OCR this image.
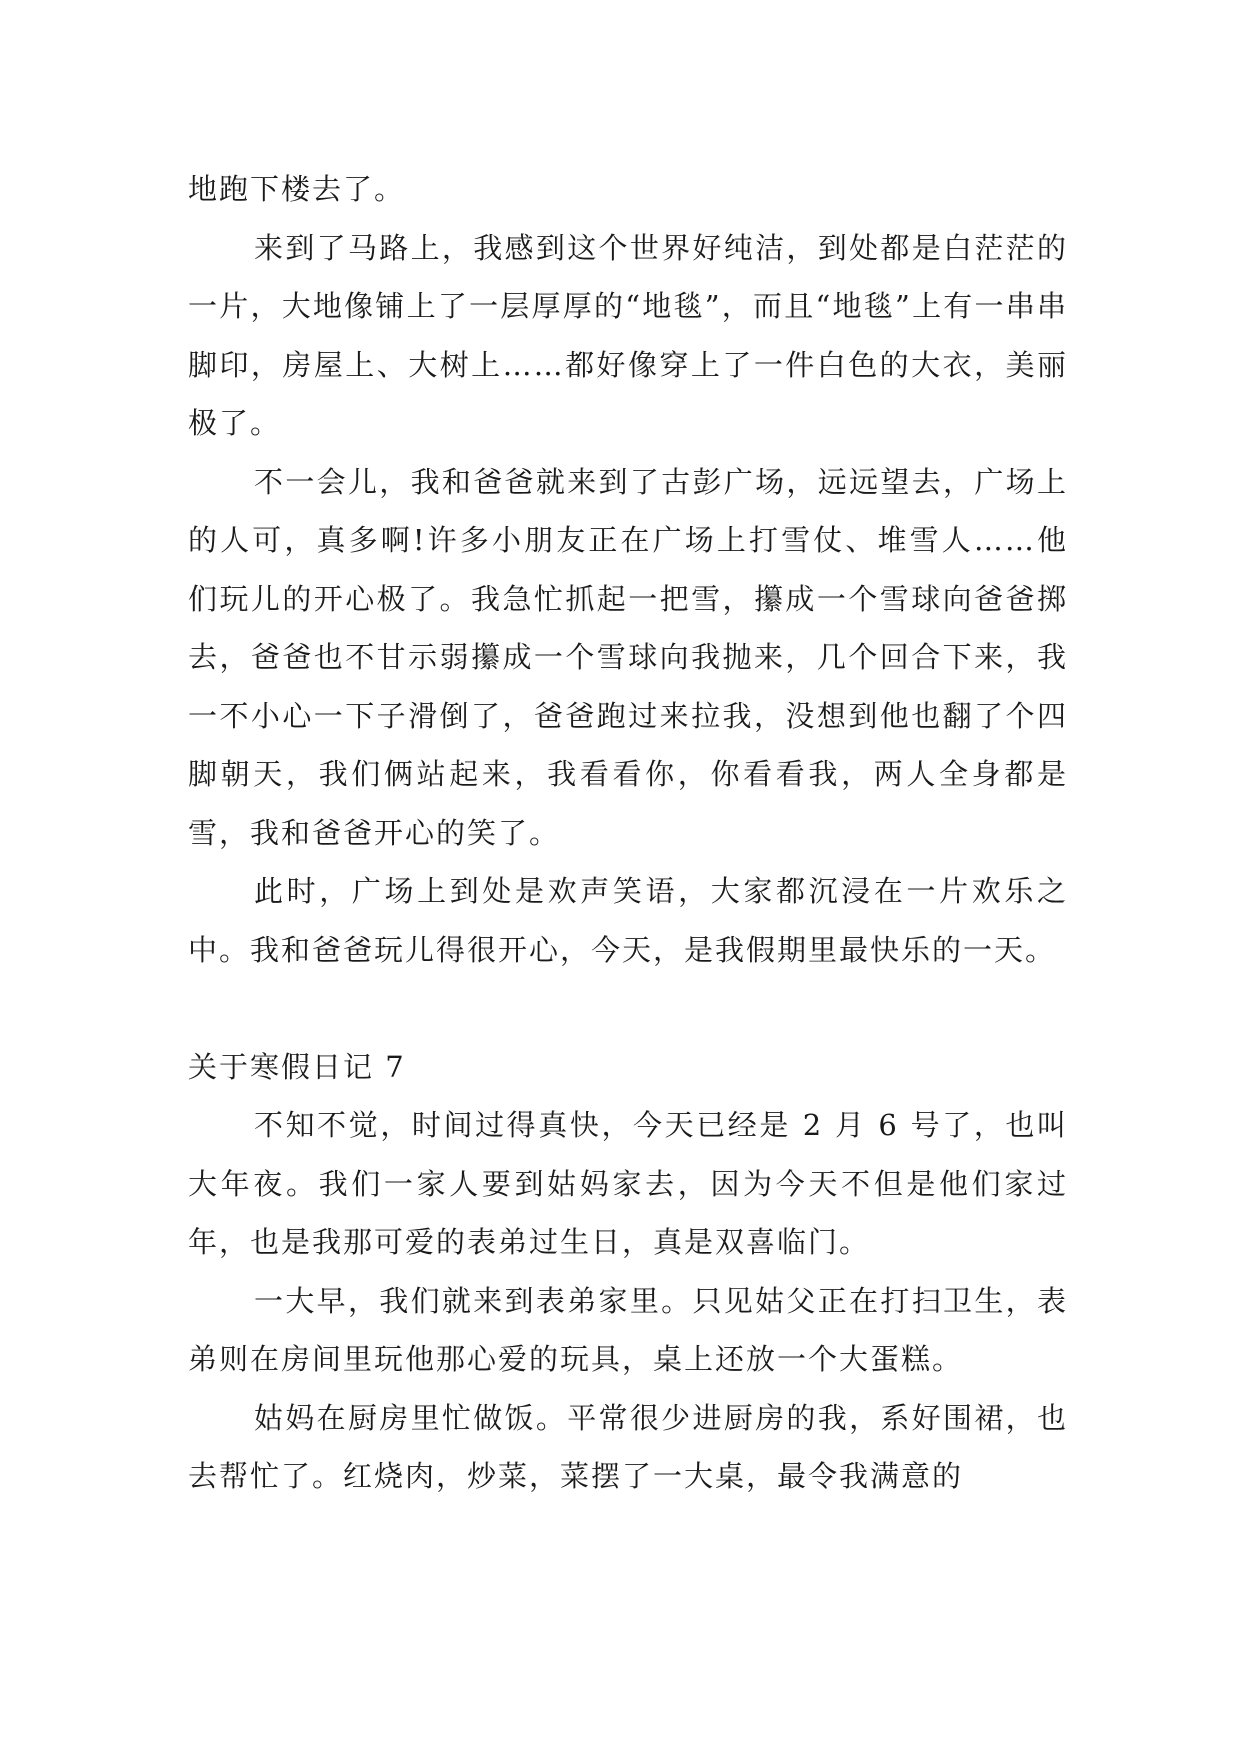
地跑下楼去了。

来到了马路上，我感到这个世界好纯洁，到处都是白茫茫的一片，大地像铺上了一层厚厚的“地毯”，而且“地毯”上有一串串脚印，房屋上、大树上……都好像穿上了一件白色的大衣，美丽极了。

不一会儿，我和爸爸就来到了古彭广场，远远望去，广场上的人可，真多啊!许多小朋友正在广场上打雪仗、堆雪人……他们玩儿的开心极了。我急忙抓起一把雪，攥成一个雪球向爸爸掷去，爸爸也不甘示弱攥成一个雪球向我抛来，几个回合下来，我一不小心一下子滑倒了，爸爸跑过来拉我，没想到他也翻了个四脚朝天，我们俩站起来，我看看你，你看看我，两人全身都是雪，我和爸爸开心的笑了。

此时，广场上到处是欢声笑语，大家都沉浸在一片欢乐之中。我和爸爸玩儿得很开心，今天，是我假期里最快乐的一天。

关于寒假日记 7

不知不觉，时间过得真快，今天已经是 2 月 6 号了，也叫大年夜。我们一家人要到姑妈家去，因为今天不但是他们家过年，也是我那可爱的表弟过生日，真是双喜临门。

一大早，我们就来到表弟家里。只见姑父正在打扫卫生，表弟则在房间里玩他那心爱的玩具，桌上还放一个大蛋糕。

姑妈在厨房里忙做饭。平常很少进厨房的我，系好围裙，也去帮忙了。红烧肉，炒菜，菜摆了一大桌，最令我满意的
